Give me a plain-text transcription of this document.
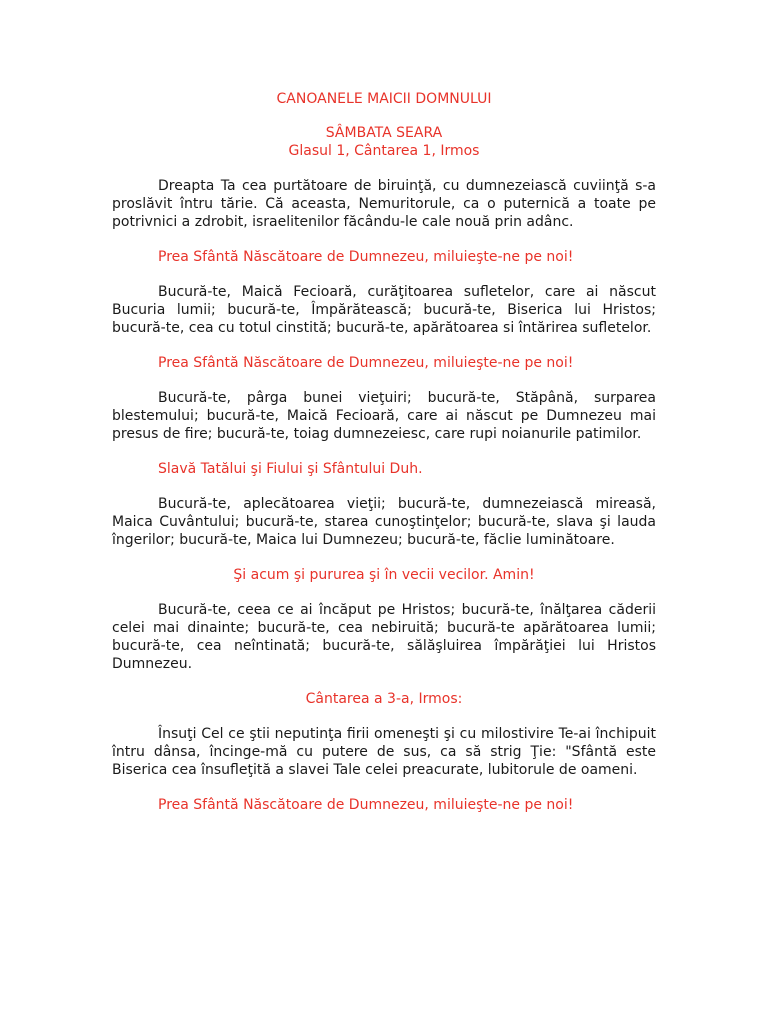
CANOANELE MAICII DOMNULUI
SÂMBATA SEARA
Glasul 1, Cântarea 1, Irmos

Dreapta Ta cea purtătoare de biruinţă, cu dumnezeiască cuviinţă s-a proslăvit întru tărie. Că aceasta, Nemuritorule, ca o puternică a toate pe potrivnici a zdrobit, israelitenilor făcându-le cale nouă prin adânc.

Prea Sfântă Născătoare de Dumnezeu, miluieşte-ne pe noi!

Bucură-te, Maică Fecioară, curăţitoarea sufletelor, care ai născut Bucuria lumii; bucură-te, Împărătească; bucură-te, Biserica lui Hristos; bucură-te, cea cu totul cinstită; bucură-te, apărătoarea si întărirea sufletelor.

Prea Sfântă Născătoare de Dumnezeu, miluieşte-ne pe noi!

Bucură-te, pârga bunei vieţuiri; bucură-te, Stăpână, surparea blestemului; bucură-te, Maică Fecioară, care ai născut pe Dumnezeu mai presus de fire; bucură-te, toiag dumnezeiesc, care rupi noianurile patimilor.

Slavă Tatălui şi Fiului şi Sfântului Duh.

Bucură-te, aplecătoarea vieţii; bucură-te, dumnezeiască mireasă, Maica Cuvântului; bucură-te, starea cunoştinţelor; bucură-te, slava şi lauda îngerilor; bucură-te, Maica lui Dumnezeu; bucură-te, făclie luminătoare.

Şi acum şi pururea şi în vecii vecilor. Amin!

Bucură-te, ceea ce ai încăput pe Hristos; bucură-te, înălţarea căderii celei mai dinainte; bucură-te, cea nebiruită; bucură-te apărătoarea lumii; bucură-te, cea neîntinată; bucură-te, sălăşluirea împărăţiei lui Hristos Dumnezeu.

Cântarea a 3-a, Irmos:

Însuţi Cel ce ştii neputinţa firii omeneşti şi cu milostivire Te-ai închipuit întru dânsa, încinge-mă cu putere de sus, ca să strig Ţie: "Sfântă este Biserica cea însufleţită a slavei Tale celei preacurate, lubitorule de oameni.

Prea Sfântă Născătoare de Dumnezeu, miluieşte-ne pe noi!
